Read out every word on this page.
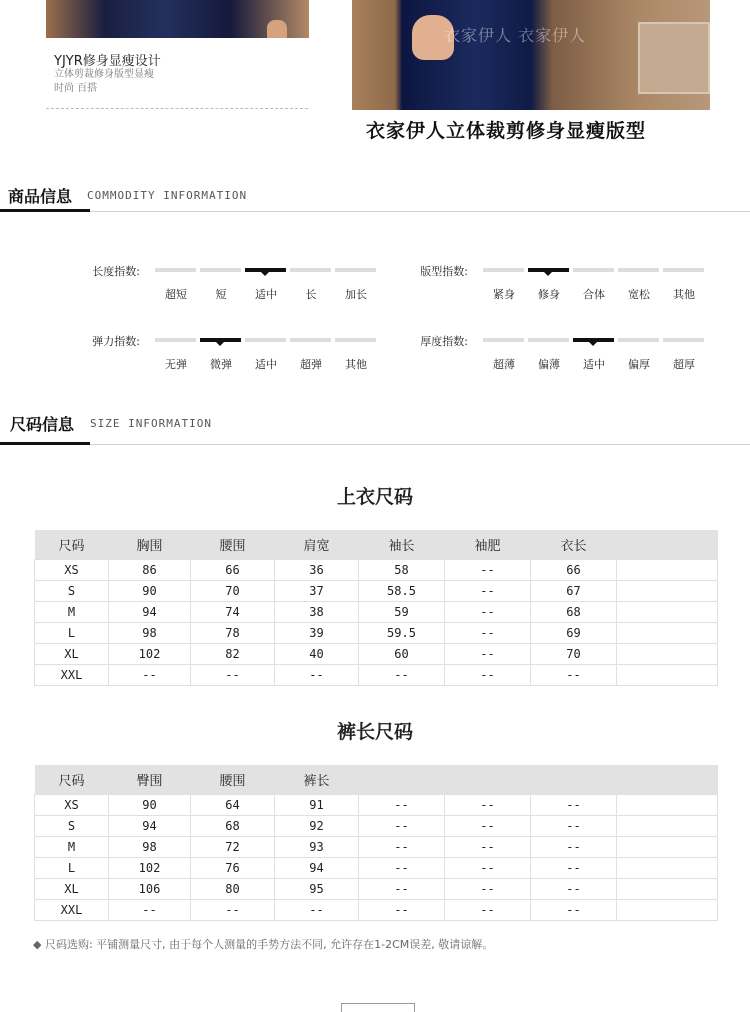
衣家伊人 衣家伊人
YJYR修身显瘦设计
立体剪裁修身版型显瘦
时尚 百搭
衣家伊人立体裁剪修身显瘦版型
商品信息 COMMODITY INFORMATION
长度指数:
超短	短	适中	长	加长
版型指数:
紧身	修身	合体	宽松	其他
弹力指数:
无弹	微弹	适中	超弹	其他
厚度指数:
超薄	偏薄	适中	偏厚	超厚
尺码信息 SIZE INFORMATION
上衣尺码
尺码	胸围	腰围	肩宽	袖长	袖肥	衣长	
XS	86	66	36	58	--	66	
S	90	70	37	58.5	--	67	
M	94	74	38	59	--	68	
L	98	78	39	59.5	--	69	
XL	102	82	40	60	--	70	
XXL	--	--	--	--	--	--	
裤长尺码
尺码	臀围	腰围	裤长				
XS	90	64	91	--	--	--	
S	94	68	92	--	--	--	
M	98	72	93	--	--	--	
L	102	76	94	--	--	--	
XL	106	80	95	--	--	--	
XXL	--	--	--	--	--	--	
◆ 尺码选购: 平铺测量尺寸, 由于每个人测量的手势方法不同, 允许存在1-2CM误差, 敬请谅解。
